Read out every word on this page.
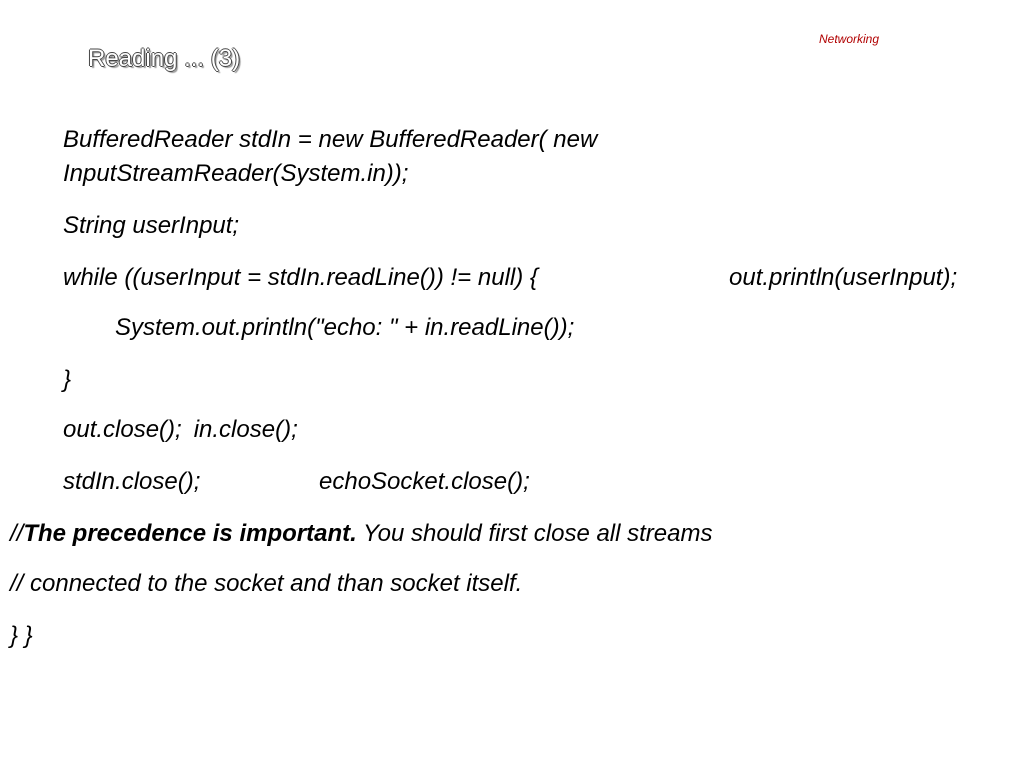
Reading ... (3)
Networking
BufferedReader stdIn = new BufferedReader( new
InputStreamReader(System.in));
String userInput;
while ((userInput = stdIn.readLine()) != null) {	out.println(userInput);
System.out.println("echo: " + in.readLine());
}
out.close(); in.close();
stdIn.close();	echoSocket.close();
//The precedence is important. You should first close all streams
// connected to the socket and than socket itself.
} }
